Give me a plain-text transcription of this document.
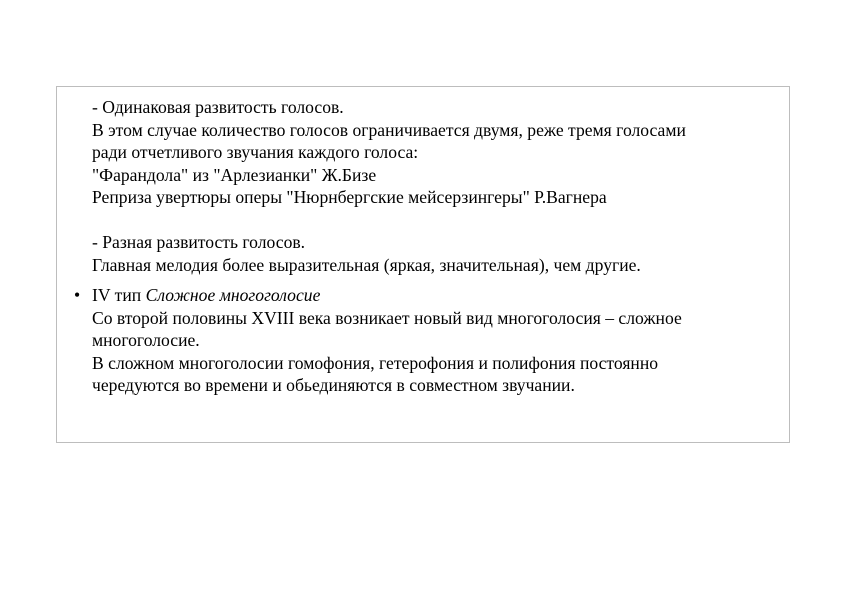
- Одинаковая развитость голосов.
В этом случае количество голосов ограничивается двумя, реже тремя голосами
ради отчетливого звучания каждого голоса:
"Фарандола" из "Арлезианки" Ж.Бизе
Реприза увертюры оперы "Нюрнбергские мейсерзингеры" Р.Вагнера
- Разная развитость голосов.
Главная мелодия более выразительная (яркая, значительная), чем другие.
• IV тип Сложное многоголосие
Со второй половины XVIII века возникает новый вид многоголосия – сложное
многоголосие.
В сложном многоголосии гомофония, гетерофония и полифония постоянно
чередуются во времени и обьединяются в совместном звучании.
